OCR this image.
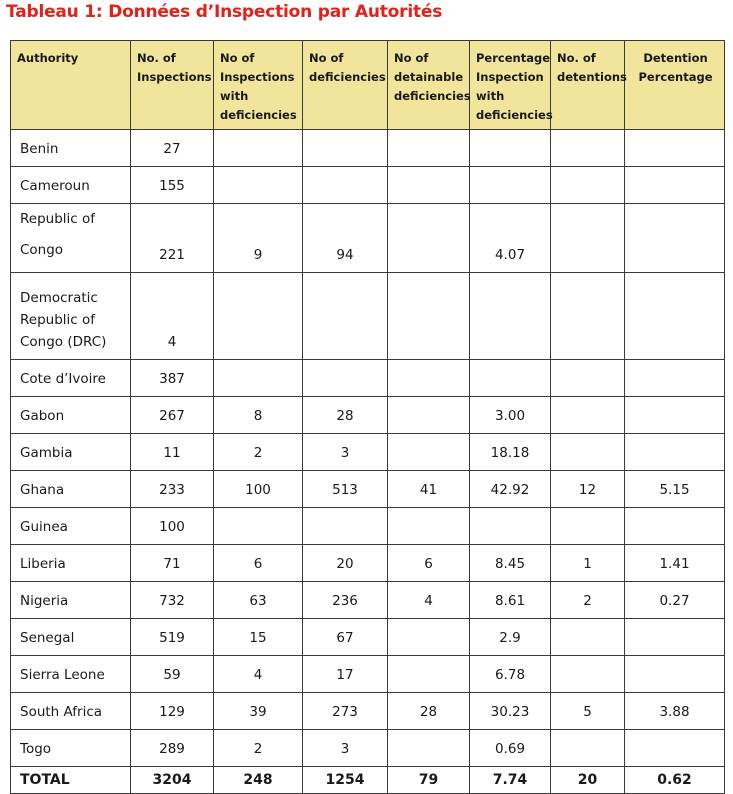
Tableau 1: Données d’Inspection par Autorités
Authority	No. of Inspections	No of Inspections with deficiencies	No of deficiencies	No of detainable deficiencies	Percentage Inspection with deficiencies	No. of detentions	Detention Percentage
Benin	27						
Cameroun	155						
Republic of Congo	221	9	94		4.07		
Democratic Republic of Congo (DRC)	4						
Cote d’Ivoire	387						
Gabon	267	8	28		3.00		
Gambia	11	2	3		18.18		
Ghana	233	100	513	41	42.92	12	5.15
Guinea	100						
Liberia	71	6	20	6	8.45	1	1.41
Nigeria	732	63	236	4	8.61	2	0.27
Senegal	519	15	67		2.9		
Sierra Leone	59	4	17		6.78		
South Africa	129	39	273	28	30.23	5	3.88
Togo	289	2	3		0.69		
TOTAL	3204	248	1254	79	7.74	20	0.62
